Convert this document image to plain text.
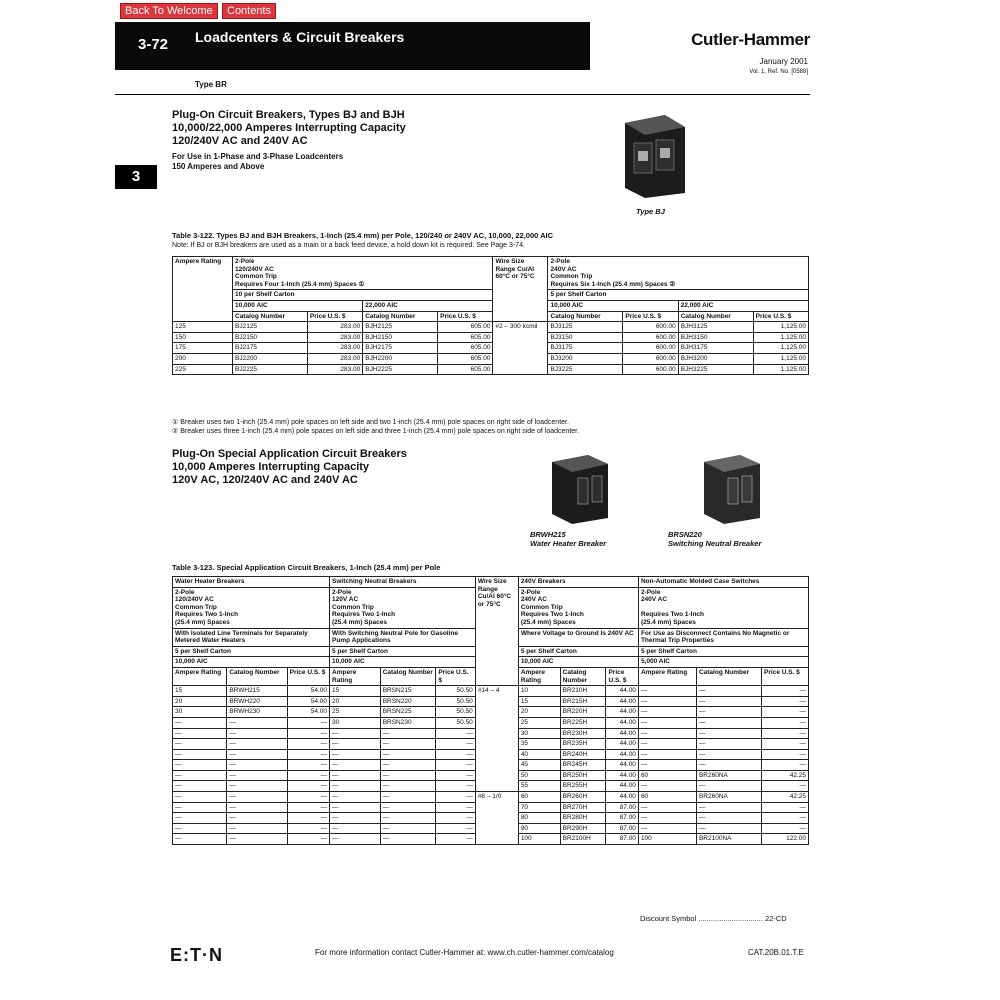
Back To Welcome	Contents
3-72 Loadcenters & Circuit Breakers	Cutler-Hammer
January 2001
Vol. 1, Ref. No. [0588]
Type BR
3
Plug-On Circuit Breakers, Types BJ and BJH
10,000/22,000 Amperes Interrupting Capacity
120/240V AC and 240V AC
For Use in 1-Phase and 3-Phase Loadcenters
150 Amperes and Above
Type BJ
Table 3-122. Types BJ and BJH Breakers, 1-Inch (25.4 mm) per Pole, 120/240 or 240V AC, 10,000, 22,000 AIC
Note: If BJ or BJH breakers are used as a main or a back feed device, a hold down kit is required. See Page 3-74.
Ampere Rating	2-Pole
120/240V AC
Common Trip
Requires Four 1-Inch (25.4 mm) Spaces ①				Wire Size Range Cu/Al 60°C or 75°C	2-Pole
240V AC
Common Trip
Requires Six 1-Inch (25.4 mm) Spaces ②			
	10 per Shelf Carton					5 per Shelf Carton			
	10,000 AIC		22,000 AIC			10,000 AIC		22,000 AIC	
	Catalog Number	Price U.S. $	Catalog Number	Price U.S. $		Catalog Number	Price U.S. $	Catalog Number	Price U.S. $
125	BJ2125	283.00	BJH2125	605.00	#2 – 300 kcmil	BJ3125	600.00	BJH3125	1,125.00
150	BJ2150	283.00	BJH2150	605.00		BJ3150	600.00	BJH3150	1,125.00
175	BJ2175	283.00	BJH2175	605.00		BJ3175	600.00	BJH3175	1,125.00
200	BJ2200	283.00	BJH2200	605.00		BJ3200	600.00	BJH3200	1,125.00
225	BJ2225	283.00	BJH2225	605.00		BJ3225	600.00	BJH3225	1,125.00
① Breaker uses two 1-inch (25.4 mm) pole spaces on left side and two 1-inch (25.4 mm) pole spaces on right side of loadcenter.
② Breaker uses three 1-inch (25.4 mm) pole spaces on left side and three 1-inch (25.4 mm) pole spaces on right side of loadcenter.
Plug-On Special Application Circuit Breakers
10,000 Amperes Interrupting Capacity
120V AC, 120/240V AC and 240V AC
BRWH215
Water Heater Breaker
BRSN220
Switching Neutral Breaker
Table 3-123. Special Application Circuit Breakers, 1-Inch (25.4 mm) per Pole
Water Heater Breakers			Switching Neutral Breakers			Wire Size Range Cu/Al 60°C or 75°C	240V Breakers			Non-Automatic Molded Case Switches		
2-Pole
120/240V AC
Common Trip
Requires Two 1-Inch
(25.4 mm) Spaces			2-Pole
120V AC
Common Trip
Requires Two 1-Inch
(25.4 mm) Spaces				2-Pole
240V AC
Common Trip
Requires Two 1-Inch
(25.4 mm) Spaces			2-Pole
240V AC

Requires Two 1-Inch
(25.4 mm) Spaces		
With Isolated Line Terminals for Separately Metered Water Heaters			With Switching Neutral Pole for Gasoline Pump Applications				Where Voltage to Ground Is 240V AC			For Use as Disconnect Contains No Magnetic or Thermal Trip Properties		
5 per Shelf Carton			5 per Shelf Carton				5 per Shelf Carton			5 per Shelf Carton		
10,000 AIC			10,000 AIC				10,000 AIC			5,000 AIC		
Ampere Rating	Catalog Number	Price U.S. $	Ampere Rating	Catalog Number	Price U.S. $		Ampere Rating	Catalog Number	Price U.S. $	Ampere Rating	Catalog Number	Price U.S. $
15	BRWH215	54.00	15	BRSN215	50.50	#14 – 4	10	BR210H	44.00	—	—	—
20	BRWH220	54.00	20	BRSN220	50.50		15	BR215H	44.00	—	—	—
30	BRWH230	54.00	25	BRSN225	50.50		20	BR220H	44.00	—	—	—
—	—	—	30	BRSN230	50.50		25	BR225H	44.00	—	—	—
—	—	—	—	—	—		30	BR230H	44.00	—	—	—
—	—	—	—	—	—		35	BR235H	44.00	—	—	—
—	—	—	—	—	—		40	BR240H	44.00	—	—	—
—	—	—	—	—	—		45	BR245H	44.00	—	—	—
—	—	—	—	—	—		50	BR250H	44.00	60	BR260NA	42.25
—	—	—	—	—	—		55	BR255H	44.00	—	—	—
—	—	—	—	—	—	#8 – 1/0	60	BR260H	44.00	60	BR260NA	42.25
—	—	—	—	—	—		70	BR270H	87.00	—	—	—
—	—	—	—	—	—		80	BR280H	87.00	—	—	—
—	—	—	—	—	—		90	BR290H	87.00	—	—	—
—	—	—	—	—	—		100	BR2100H	87.00	100	BR2100NA	122.00
Discount Symbol ............................... 22-CD
E:T·N	For more information contact Cutler-Hammer at: www.ch.cutler-hammer.com/catalog	CAT.20B.01.T.E
